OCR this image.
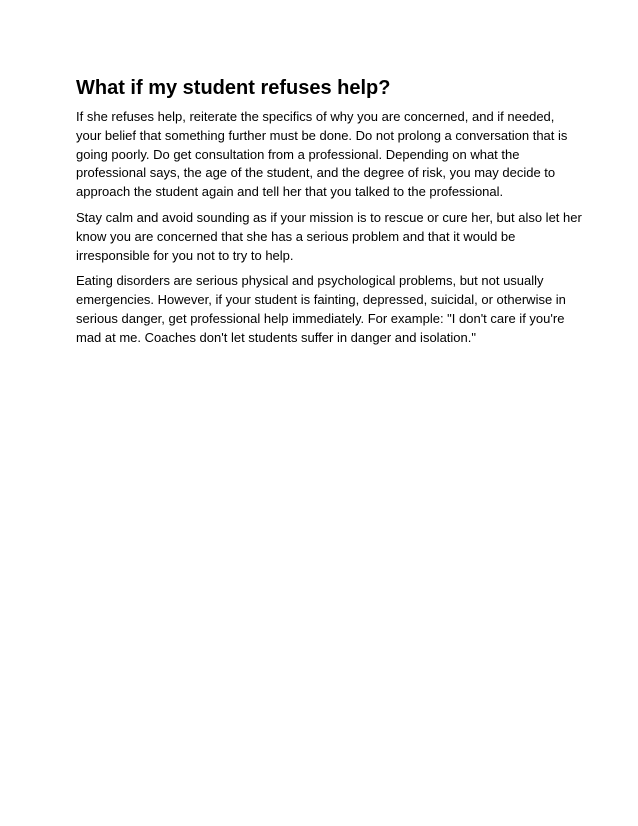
What if my student refuses help?

If she refuses help, reiterate the specifics of why you are concerned, and if needed,
your belief that something further must be done. Do not prolong a conversation that is
going poorly. Do get consultation from a professional. Depending on what the
professional says, the age of the student, and the degree of risk, you may decide to
approach the student again and tell her that you talked to the professional.

Stay calm and avoid sounding as if your mission is to rescue or cure her, but also let her
know you are concerned that she has a serious problem and that it would be
irresponsible for you not to try to help.

Eating disorders are serious physical and psychological problems, but not usually
emergencies. However, if your student is fainting, depressed, suicidal, or otherwise in
serious danger, get professional help immediately. For example: "I don't care if you're
mad at me. Coaches don't let students suffer in danger and isolation."
